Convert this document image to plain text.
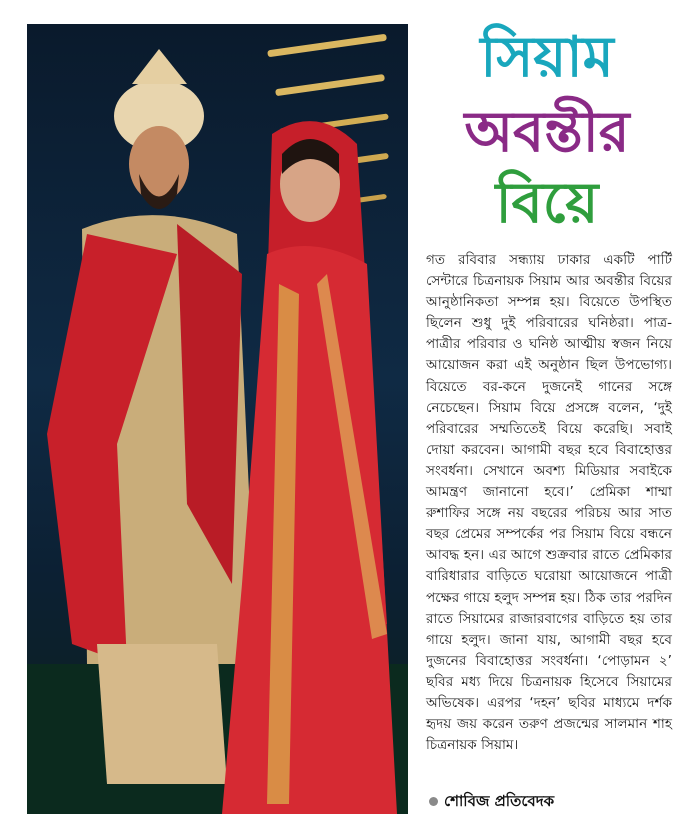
সিয়াম
অবন্তীর
বিয়ে
গত রবিবার সন্ধ্যায় ঢাকার একটি পার্টি সেন্টারে চিত্রনায়ক সিয়াম আর অবন্তীর বিয়ের আনুষ্ঠানিকতা সম্পন্ন হয়। বিয়েতে উপস্থিত ছিলেন শুধু দুই পরিবারের ঘনিষ্ঠরা। পাত্র-পাত্রীর পরিবার ও ঘনিষ্ঠ আত্মীয় স্বজন নিয়ে আয়োজন করা এই অনুষ্ঠান ছিল উপভোগ্য। বিয়েতে বর-কনে দুজনেই গানের সঙ্গে নেচেছেন। সিয়াম বিয়ে প্রসঙ্গে বলেন, ‘দুই পরিবারের সম্মতিতেই বিয়ে করেছি। সবাই দোয়া করবেন। আগামী বছর হবে বিবাহোত্তর সংবর্ধনা। সেখানে অবশ্য মিডিয়ার সবাইকে আমন্ত্রণ জানানো হবে।’ প্রেমিকা শাম্মা রুশাফির সঙ্গে নয় বছরের পরিচয় আর সাত বছর প্রেমের সম্পর্কের পর সিয়াম বিয়ে বন্ধনে আবদ্ধ হন। এর আগে শুক্রবার রাতে প্রেমিকার বারিধারার বাড়িতে ঘরোয়া আয়োজনে পাত্রী পক্ষের গায়ে হলুদ সম্পন্ন হয়। ঠিক তার পরদিন রাতে সিয়ামের রাজারবাগের বাড়িতে হয় তার গায়ে হলুদ। জানা যায়, আগামী বছর হবে দুজনের বিবাহোত্তর সংবর্ধনা। ‘পোড়ামন ২’ ছবির মধ্য দিয়ে চিত্রনায়ক হিসেবে সিয়ামের অভিষেক। এরপর ‘দহন’ ছবির মাধ্যমে দর্শক হৃদয় জয় করেন তরুণ প্রজন্মের সালমান শাহ চিত্রনায়ক সিয়াম।
শোবিজ প্রতিবেদক
